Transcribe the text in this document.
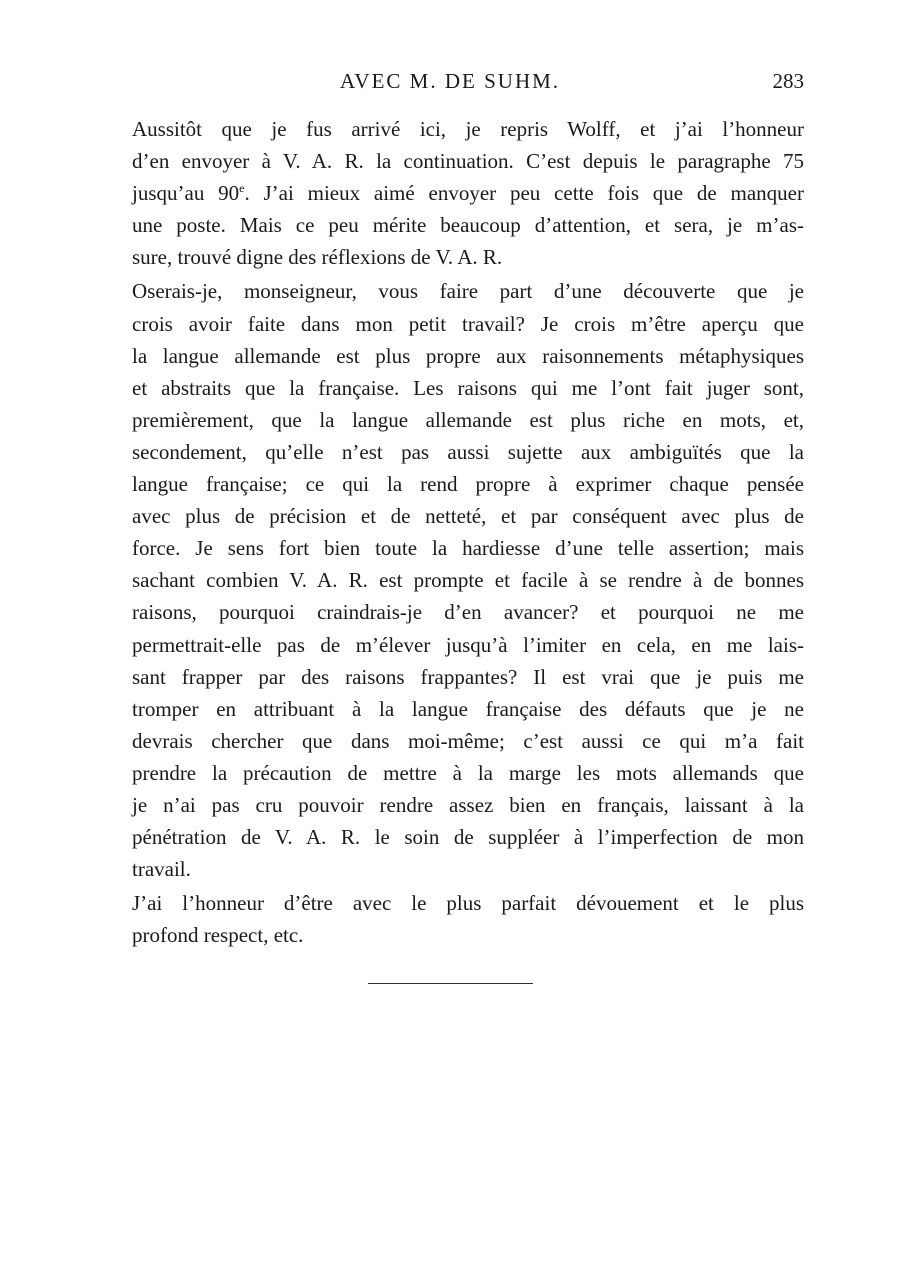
AVEC M. DE SUHM.	283
Aussitôt que je fus arrivé ici, je repris Wolff, et j’ai l’honneur
d’en envoyer à V. A. R. la continuation. C’est depuis le paragraphe 75
jusqu’au 90e. J’ai mieux aimé envoyer peu cette fois que de manquer
une poste. Mais ce peu mérite beaucoup d’attention, et sera, je m’as-
sure, trouvé digne des réflexions de V. A. R.
Oserais-je, monseigneur, vous faire part d’une découverte que je
crois avoir faite dans mon petit travail? Je crois m’être aperçu que
la langue allemande est plus propre aux raisonnements métaphysiques
et abstraits que la française. Les raisons qui me l’ont fait juger sont,
premièrement, que la langue allemande est plus riche en mots, et,
secondement, qu’elle n’est pas aussi sujette aux ambiguïtés que la
langue française; ce qui la rend propre à exprimer chaque pensée
avec plus de précision et de netteté, et par conséquent avec plus de
force. Je sens fort bien toute la hardiesse d’une telle assertion; mais
sachant combien V. A. R. est prompte et facile à se rendre à de bonnes
raisons, pourquoi craindrais-je d’en avancer? et pourquoi ne me
permettrait-elle pas de m’élever jusqu’à l’imiter en cela, en me lais-
sant frapper par des raisons frappantes? Il est vrai que je puis me
tromper en attribuant à la langue française des défauts que je ne
devrais chercher que dans moi-même; c’est aussi ce qui m’a fait
prendre la précaution de mettre à la marge les mots allemands que
je n’ai pas cru pouvoir rendre assez bien en français, laissant à la
pénétration de V. A. R. le soin de suppléer à l’imperfection de mon
travail.
J’ai l’honneur d’être avec le plus parfait dévouement et le plus
profond respect, etc.
